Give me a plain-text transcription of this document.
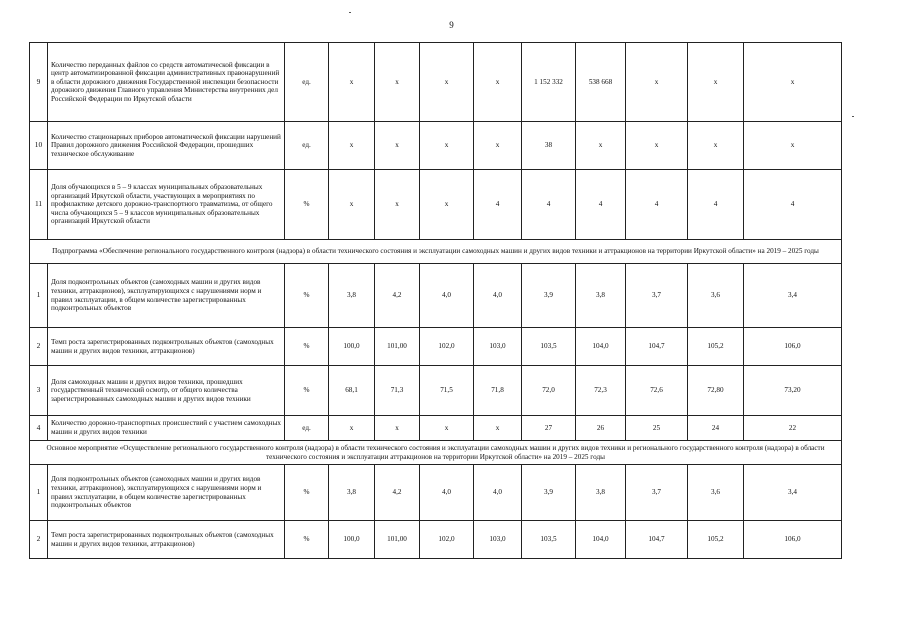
9
9	Количество переданных файлов со средств автоматической фиксации в центр автоматизированной фиксации административных правонарушений в области дорожного движения Государственной инспекции безопасности дорожного движения Главного управления Министерства внутренних дел Российской Федерации по Иркутской области	ед.	х	х	х	х	1 152 332	538 668	х	х	х
10	Количество стационарных приборов автоматической фиксации нарушений Правил дорожного движения Российской Федерации, прошедших техническое обслуживание	ед.	х	х	х	х	38	х	х	х	х
11	Доля обучающихся в 5 – 9 классах муниципальных образовательных организаций Иркутской области, участвующих в мероприятиях по профилактике детского дорожно-транспортного травматизма, от общего числа обучающихся 5 – 9 классов муниципальных образовательных организаций Иркутской области	%	х	х	х	4	4	4	4	4	4
Подпрограмма «Обеспечение регионального государственного контроля (надзора) в области технического состояния и эксплуатации самоходных машин и других видов техники и аттракционов на территории Иркутской области» на 2019 – 2025 годы											
1	Доля подконтрольных объектов (самоходных машин и других видов техники, аттракционов), эксплуатирующихся с нарушениями норм и правил эксплуатации, в общем количестве зарегистрированных подконтрольных объектов	%	3,8	4,2	4,0	4,0	3,9	3,8	3,7	3,6	3,4
2	Темп роста зарегистрированных подконтрольных объектов (самоходных машин и других видов техники, аттракционов)	%	100,0	101,00	102,0	103,0	103,5	104,0	104,7	105,2	106,0
3	Доля самоходных машин и других видов техники, прошедших государственный технический осмотр, от общего количества зарегистрированных самоходных машин и других видов техники	%	68,1	71,3	71,5	71,8	72,0	72,3	72,6	72,80	73,20
4	Количество дорожно-транспортных происшествий с участием самоходных машин и других видов техники	ед.	х	х	х	х	27	26	25	24	22
Основное мероприятие «Осуществление регионального государственного контроля (надзора) в области технического состояния и эксплуатации самоходных машин и других видов техники и регионального государственного контроля (надзора) в области технического состояния и эксплуатации аттракционов на территории Иркутской области» на 2019 – 2025 годы											
1	Доля подконтрольных объектов (самоходных машин и других видов техники, аттракционов), эксплуатирующихся с нарушениями норм и правил эксплуатации, в общем количестве зарегистрированных подконтрольных объектов	%	3,8	4,2	4,0	4,0	3,9	3,8	3,7	3,6	3,4
2	Темп роста зарегистрированных подконтрольных объектов (самоходных машин и других видов техники, аттракционов)	%	100,0	101,00	102,0	103,0	103,5	104,0	104,7	105,2	106,0
